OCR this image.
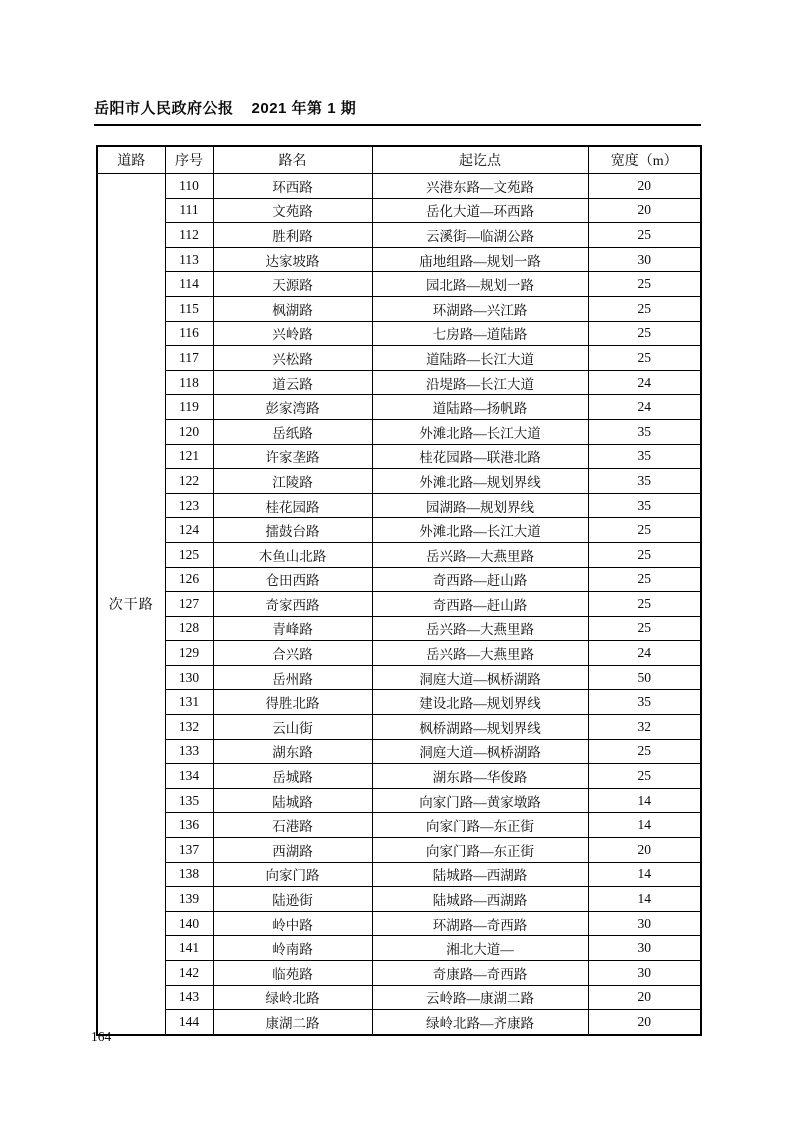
岳阳市人民政府公报 2021 年第 1 期
道路	序号	路名	起讫点	宽度（m）
次干路	110	环西路	兴港东路—文苑路	20
	111	文苑路	岳化大道—环西路	20
	112	胜利路	云溪街—临湖公路	25
	113	达家坡路	庙地组路—规划一路	30
	114	天源路	园北路—规划一路	25
	115	枫湖路	环湖路—兴江路	25
	116	兴岭路	七房路—道陆路	25
	117	兴松路	道陆路—长江大道	25
	118	道云路	沿堤路—长江大道	24
	119	彭家湾路	道陆路—扬帆路	24
	120	岳纸路	外滩北路—长江大道	35
	121	许家垄路	桂花园路—联港北路	35
	122	江陵路	外滩北路—规划界线	35
	123	桂花园路	园湖路—规划界线	35
	124	擂鼓台路	外滩北路—长江大道	25
	125	木鱼山北路	岳兴路—大燕里路	25
	126	仓田西路	奇西路—赶山路	25
	127	奇家西路	奇西路—赶山路	25
	128	青峰路	岳兴路—大燕里路	25
	129	合兴路	岳兴路—大燕里路	24
	130	岳州路	洞庭大道—枫桥湖路	50
	131	得胜北路	建设北路—规划界线	35
	132	云山街	枫桥湖路—规划界线	32
	133	湖东路	洞庭大道—枫桥湖路	25
	134	岳城路	湖东路—华俊路	25
	135	陆城路	向家门路—黄家墩路	14
	136	石港路	向家门路—东正街	14
	137	西湖路	向家门路—东正街	20
	138	向家门路	陆城路—西湖路	14
	139	陆逊街	陆城路—西湖路	14
	140	岭中路	环湖路—奇西路	30
	141	岭南路	湘北大道—	30
	142	临苑路	奇康路—奇西路	30
	143	绿岭北路	云岭路—康湖二路	20
	144	康湖二路	绿岭北路—齐康路	20
164
